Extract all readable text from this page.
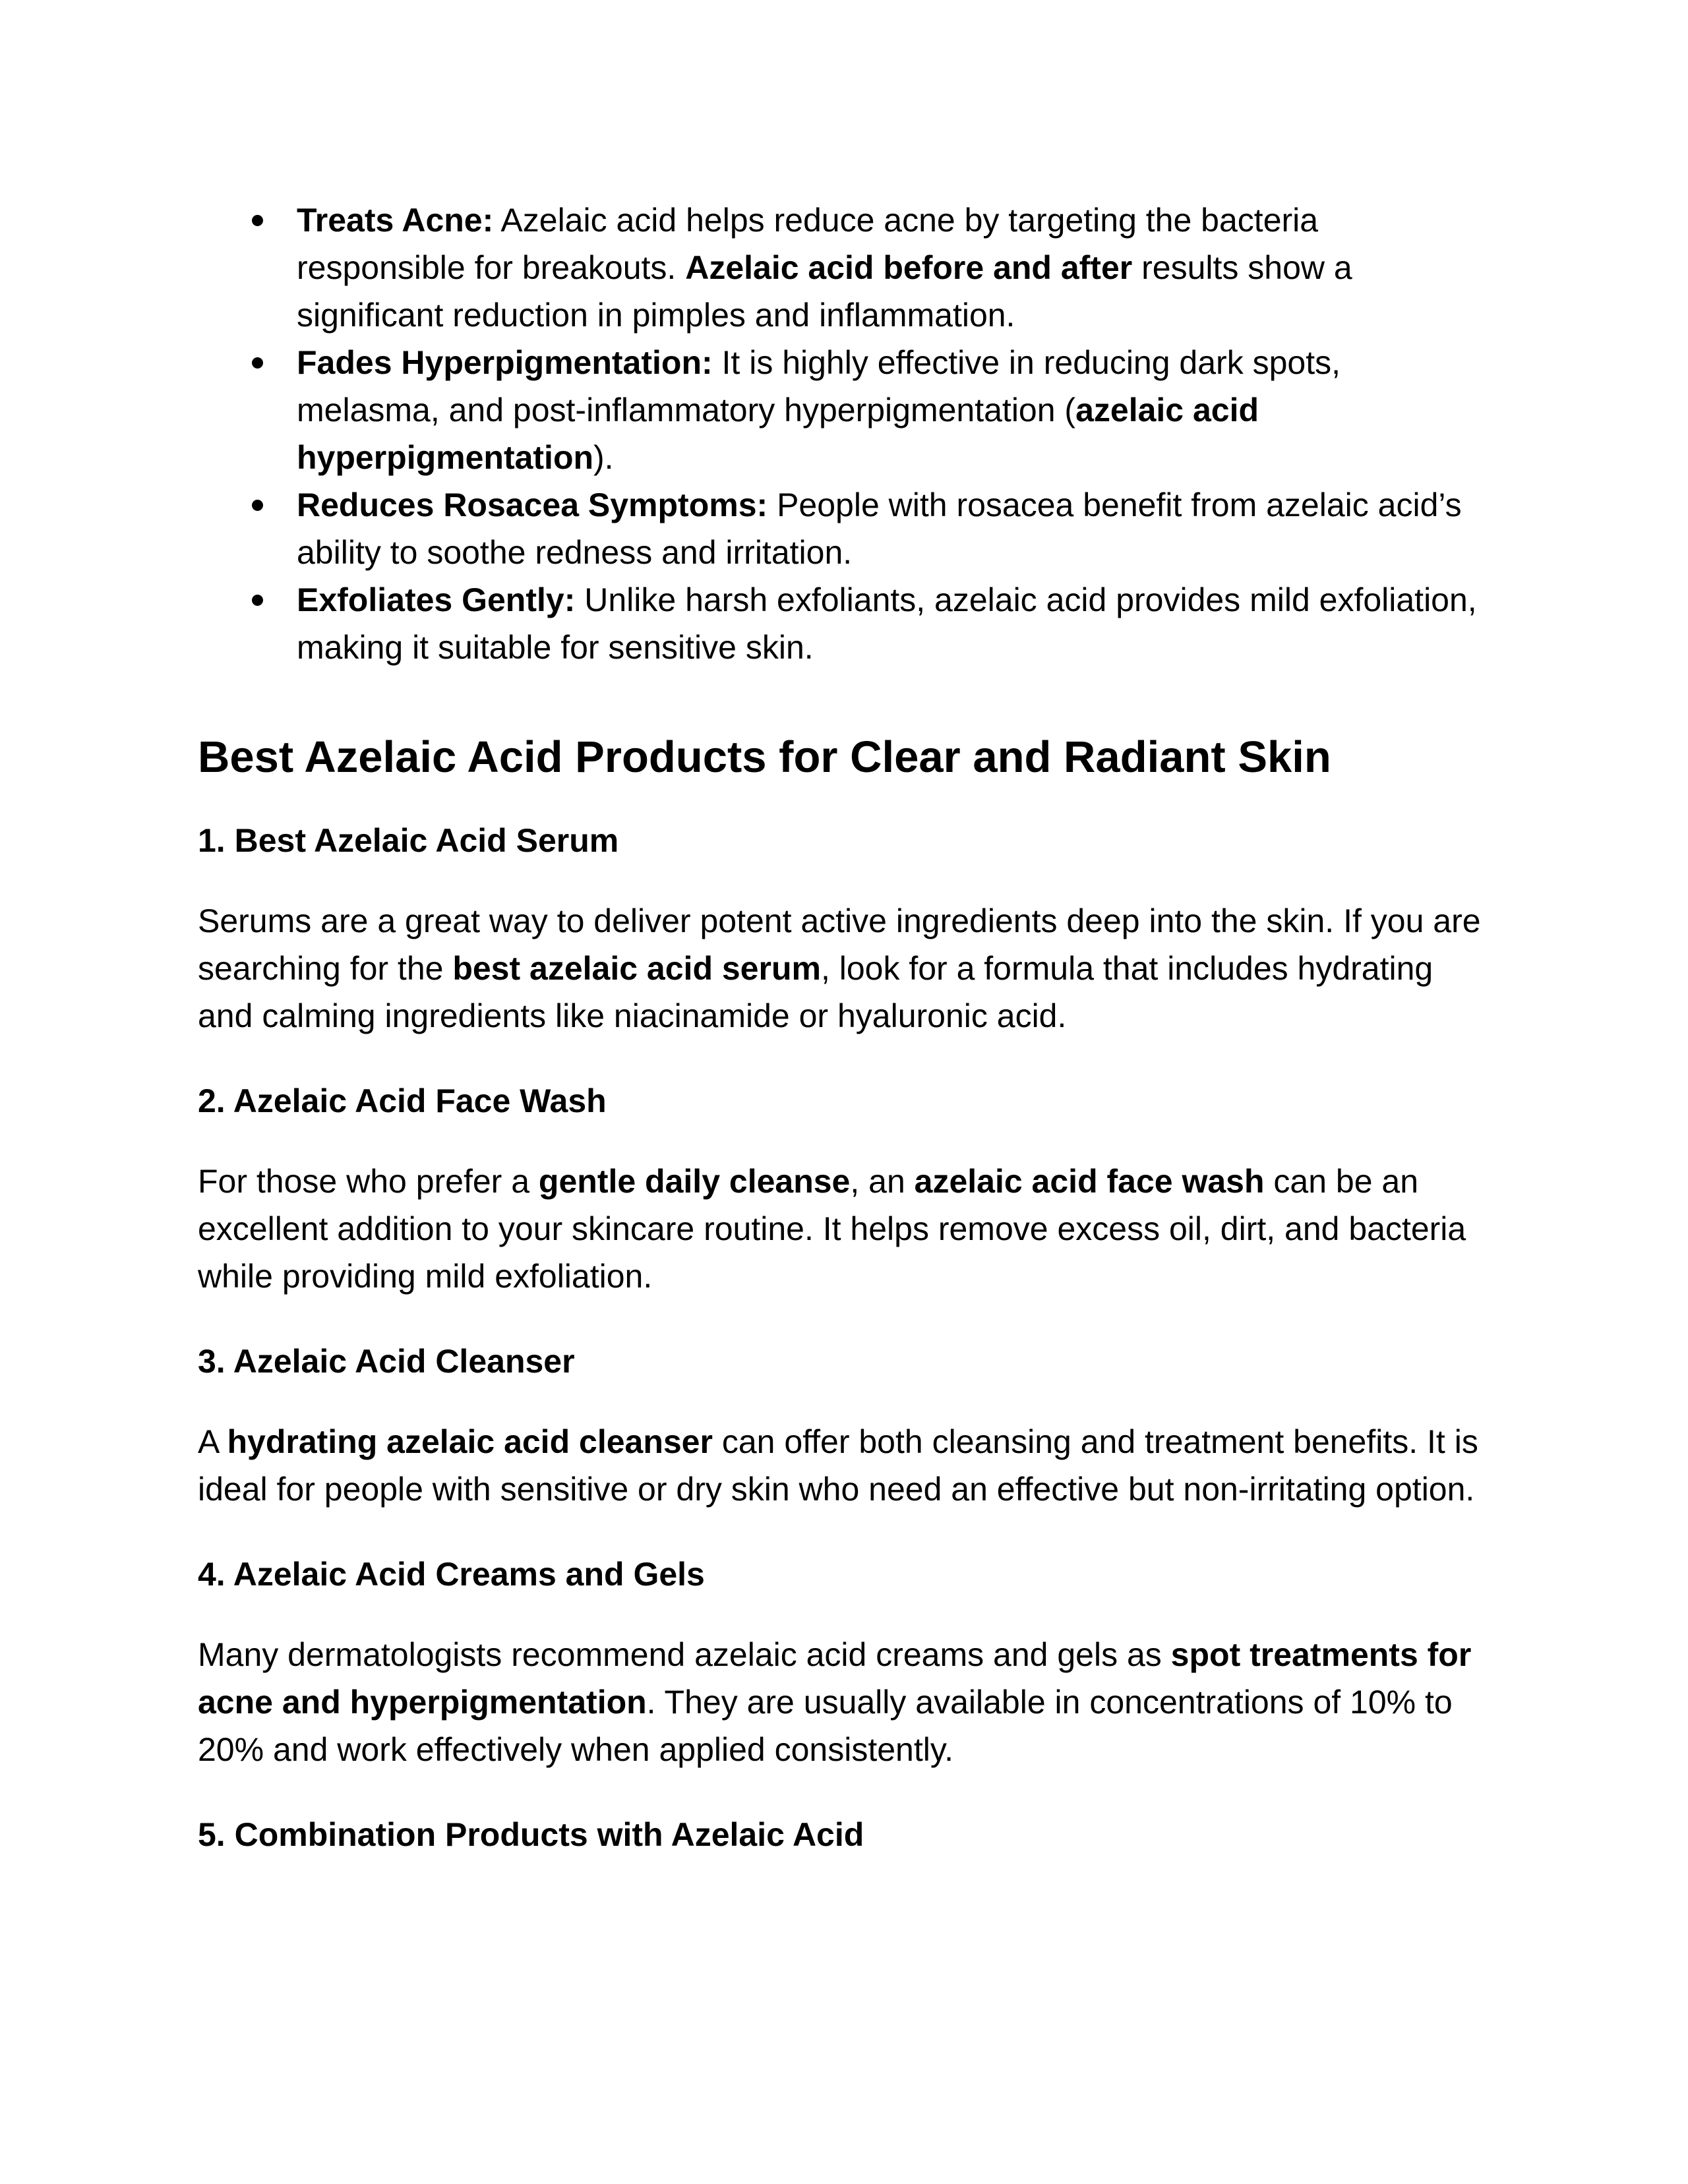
Treats Acne: Azelaic acid helps reduce acne by targeting the bacteria responsible for breakouts. Azelaic acid before and after results show a significant reduction in pimples and inflammation.
Fades Hyperpigmentation: It is highly effective in reducing dark spots, melasma, and post-inflammatory hyperpigmentation (azelaic acid hyperpigmentation).
Reduces Rosacea Symptoms: People with rosacea benefit from azelaic acid’s ability to soothe redness and irritation.
Exfoliates Gently: Unlike harsh exfoliants, azelaic acid provides mild exfoliation, making it suitable for sensitive skin.
Best Azelaic Acid Products for Clear and Radiant Skin
1. Best Azelaic Acid Serum

Serums are a great way to deliver potent active ingredients deep into the skin. If you are searching for the best azelaic acid serum, look for a formula that includes hydrating and calming ingredients like niacinamide or hyaluronic acid.

2. Azelaic Acid Face Wash

For those who prefer a gentle daily cleanse, an azelaic acid face wash can be an excellent addition to your skincare routine. It helps remove excess oil, dirt, and bacteria while providing mild exfoliation.

3. Azelaic Acid Cleanser

A hydrating azelaic acid cleanser can offer both cleansing and treatment benefits. It is ideal for people with sensitive or dry skin who need an effective but non-irritating option.

4. Azelaic Acid Creams and Gels

Many dermatologists recommend azelaic acid creams and gels as spot treatments for acne and hyperpigmentation. They are usually available in concentrations of 10% to 20% and work effectively when applied consistently.

5. Combination Products with Azelaic Acid
